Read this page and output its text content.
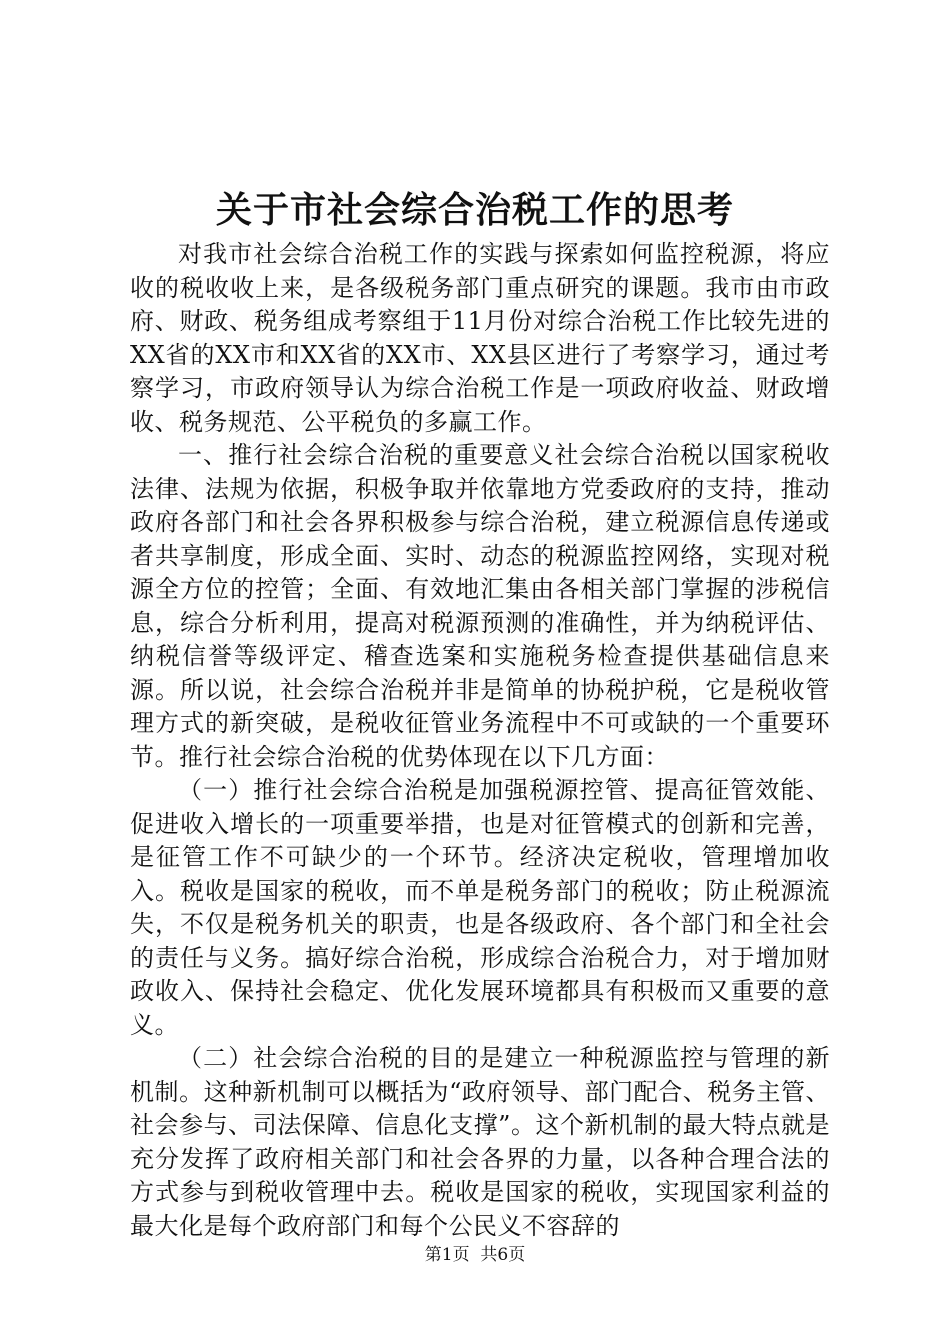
关于市社会综合治税工作的思考

对我市社会综合治税工作的实践与探索如何监控税源，将应收的税收收上来，是各级税务部门重点研究的课题。我市由市政府、财政、税务组成考察组于11月份对综合治税工作比较先进的XX省的XX市和XX省的XX市、XX县区进行了考察学习，通过考察学习，市政府领导认为综合治税工作是一项政府收益、财政增收、税务规范、公平税负的多赢工作。

一、推行社会综合治税的重要意义社会综合治税以国家税收法律、法规为依据，积极争取并依靠地方党委政府的支持，推动政府各部门和社会各界积极参与综合治税，建立税源信息传递或者共享制度，形成全面、实时、动态的税源监控网络，实现对税源全方位的控管；全面、有效地汇集由各相关部门掌握的涉税信息，综合分析利用，提高对税源预测的准确性，并为纳税评估、纳税信誉等级评定、稽查选案和实施税务检查提供基础信息来源。所以说，社会综合治税并非是简单的协税护税，它是税收管理方式的新突破，是税收征管业务流程中不可或缺的一个重要环节。推行社会综合治税的优势体现在以下几方面：

（一）推行社会综合治税是加强税源控管、提高征管效能、促进收入增长的一项重要举措，也是对征管模式的创新和完善，是征管工作不可缺少的一个环节。经济决定税收，管理增加收入。税收是国家的税收，而不单是税务部门的税收；防止税源流失，不仅是税务机关的职责，也是各级政府、各个部门和全社会的责任与义务。搞好综合治税，形成综合治税合力，对于增加财政收入、保持社会稳定、优化发展环境都具有积极而又重要的意义。

（二）社会综合治税的目的是建立一种税源监控与管理的新机制。这种新机制可以概括为“政府领导、部门配合、税务主管、社会参与、司法保障、信息化支撑”。这个新机制的最大特点就是充分发挥了政府相关部门和社会各界的力量，以各种合理合法的方式参与到税收管理中去。税收是国家的税收，实现国家利益的最大化是每个政府部门和每个公民义不容辞的

第1页 共6页
